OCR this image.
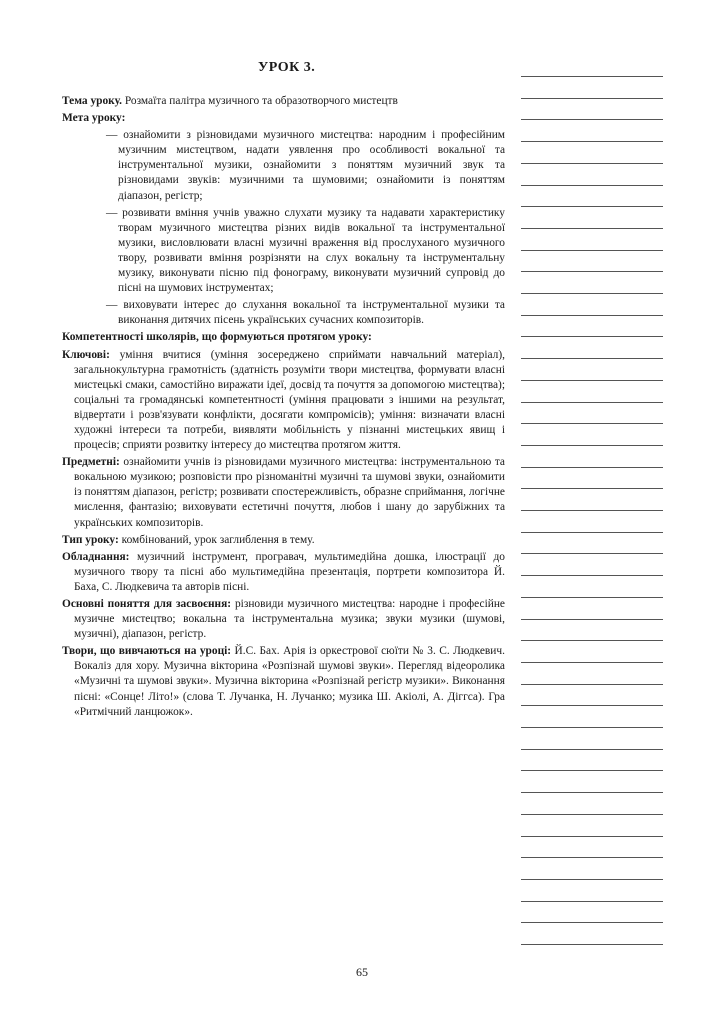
УРОК 3.

Тема уроку. Розмаїта палітра музичного та образотворчого мистецтв

Мета уроку:

— ознайомити з різновидами музичного мистецтва: народним і професійним музичним мистецтвом, надати уявлення про особливості вокальної та інструментальної музики, ознайомити з поняттям музичний звук та різновидами звуків: музичними та шумовими; ознайомити із поняттям діапазон, регістр;

— розвивати вміння учнів уважно слухати музику та надавати характеристику творам музичного мистецтва різних видів вокальної та інструментальної музики, висловлювати власні музичні враження від прослуханого музичного твору, розвивати вміння розрізняти на слух вокальну та інструментальну музику, виконувати пісню під фонограму, виконувати музичний супровід до пісні на шумових інструментах;

— виховувати інтерес до слухання вокальної та інструментальної музики та виконання дитячих пісень українських сучасних композиторів.

Компетентності школярів, що формуються протягом уроку:

Ключові: уміння вчитися (уміння зосереджено сприймати навчальний матеріал), загальнокультурна грамотність (здатність розуміти твори мистецтва, формувати власні мистецькі смаки, самостійно виражати ідеї, досвід та почуття за допомогою мистецтва); соціальні та громадянські компетентності (уміння працювати з іншими на результат, відвертати і розв'язувати конфлікти, досягати компромісів); уміння: визначати власні художні інтереси та потреби, виявляти мобільність у пізнанні мистецьких явищ і процесів; сприяти розвитку інтересу до мистецтва протягом життя.

Предметні: ознайомити учнів із різновидами музичного мистецтва: інструментальною та вокальною музикою; розповісти про різноманітні музичні та шумові звуки, ознайомити із поняттям діапазон, регістр; розвивати спостережливість, образне сприймання, логічне мислення, фантазію; виховувати естетичні почуття, любов і шану до зарубіжних та українських композиторів.

Тип уроку: комбінований, урок заглиблення в тему.

Обладнання: музичний інструмент, програвач, мультимедійна дошка, ілюстрації до музичного твору та пісні або мультимедійна презентація, портрети композитора Й. Баха, С. Людкевича та авторів пісні.

Основні поняття для засвоєння: різновиди музичного мистецтва: народне і професійне музичне мистецтво; вокальна та інструментальна музика; звуки музики (шумові, музичні), діапазон, регістр.

Твори, що вивчаються на уроці: Й.С. Бах. Арія із оркестрової сюїти № 3. С. Людкевич. Вокаліз для хору. Музична вікторина «Розпізнай шумові звуки». Перегляд відеоролика «Музичні та шумові звуки». Музична вікторина «Розпізнай регістр музики». Виконання пісні: «Сонце! Літо!» (слова Т. Лучанка, Н. Лучанко; музика Ш. Акіолі, А. Діггса). Гра «Ритмічний ланцюжок».

65
